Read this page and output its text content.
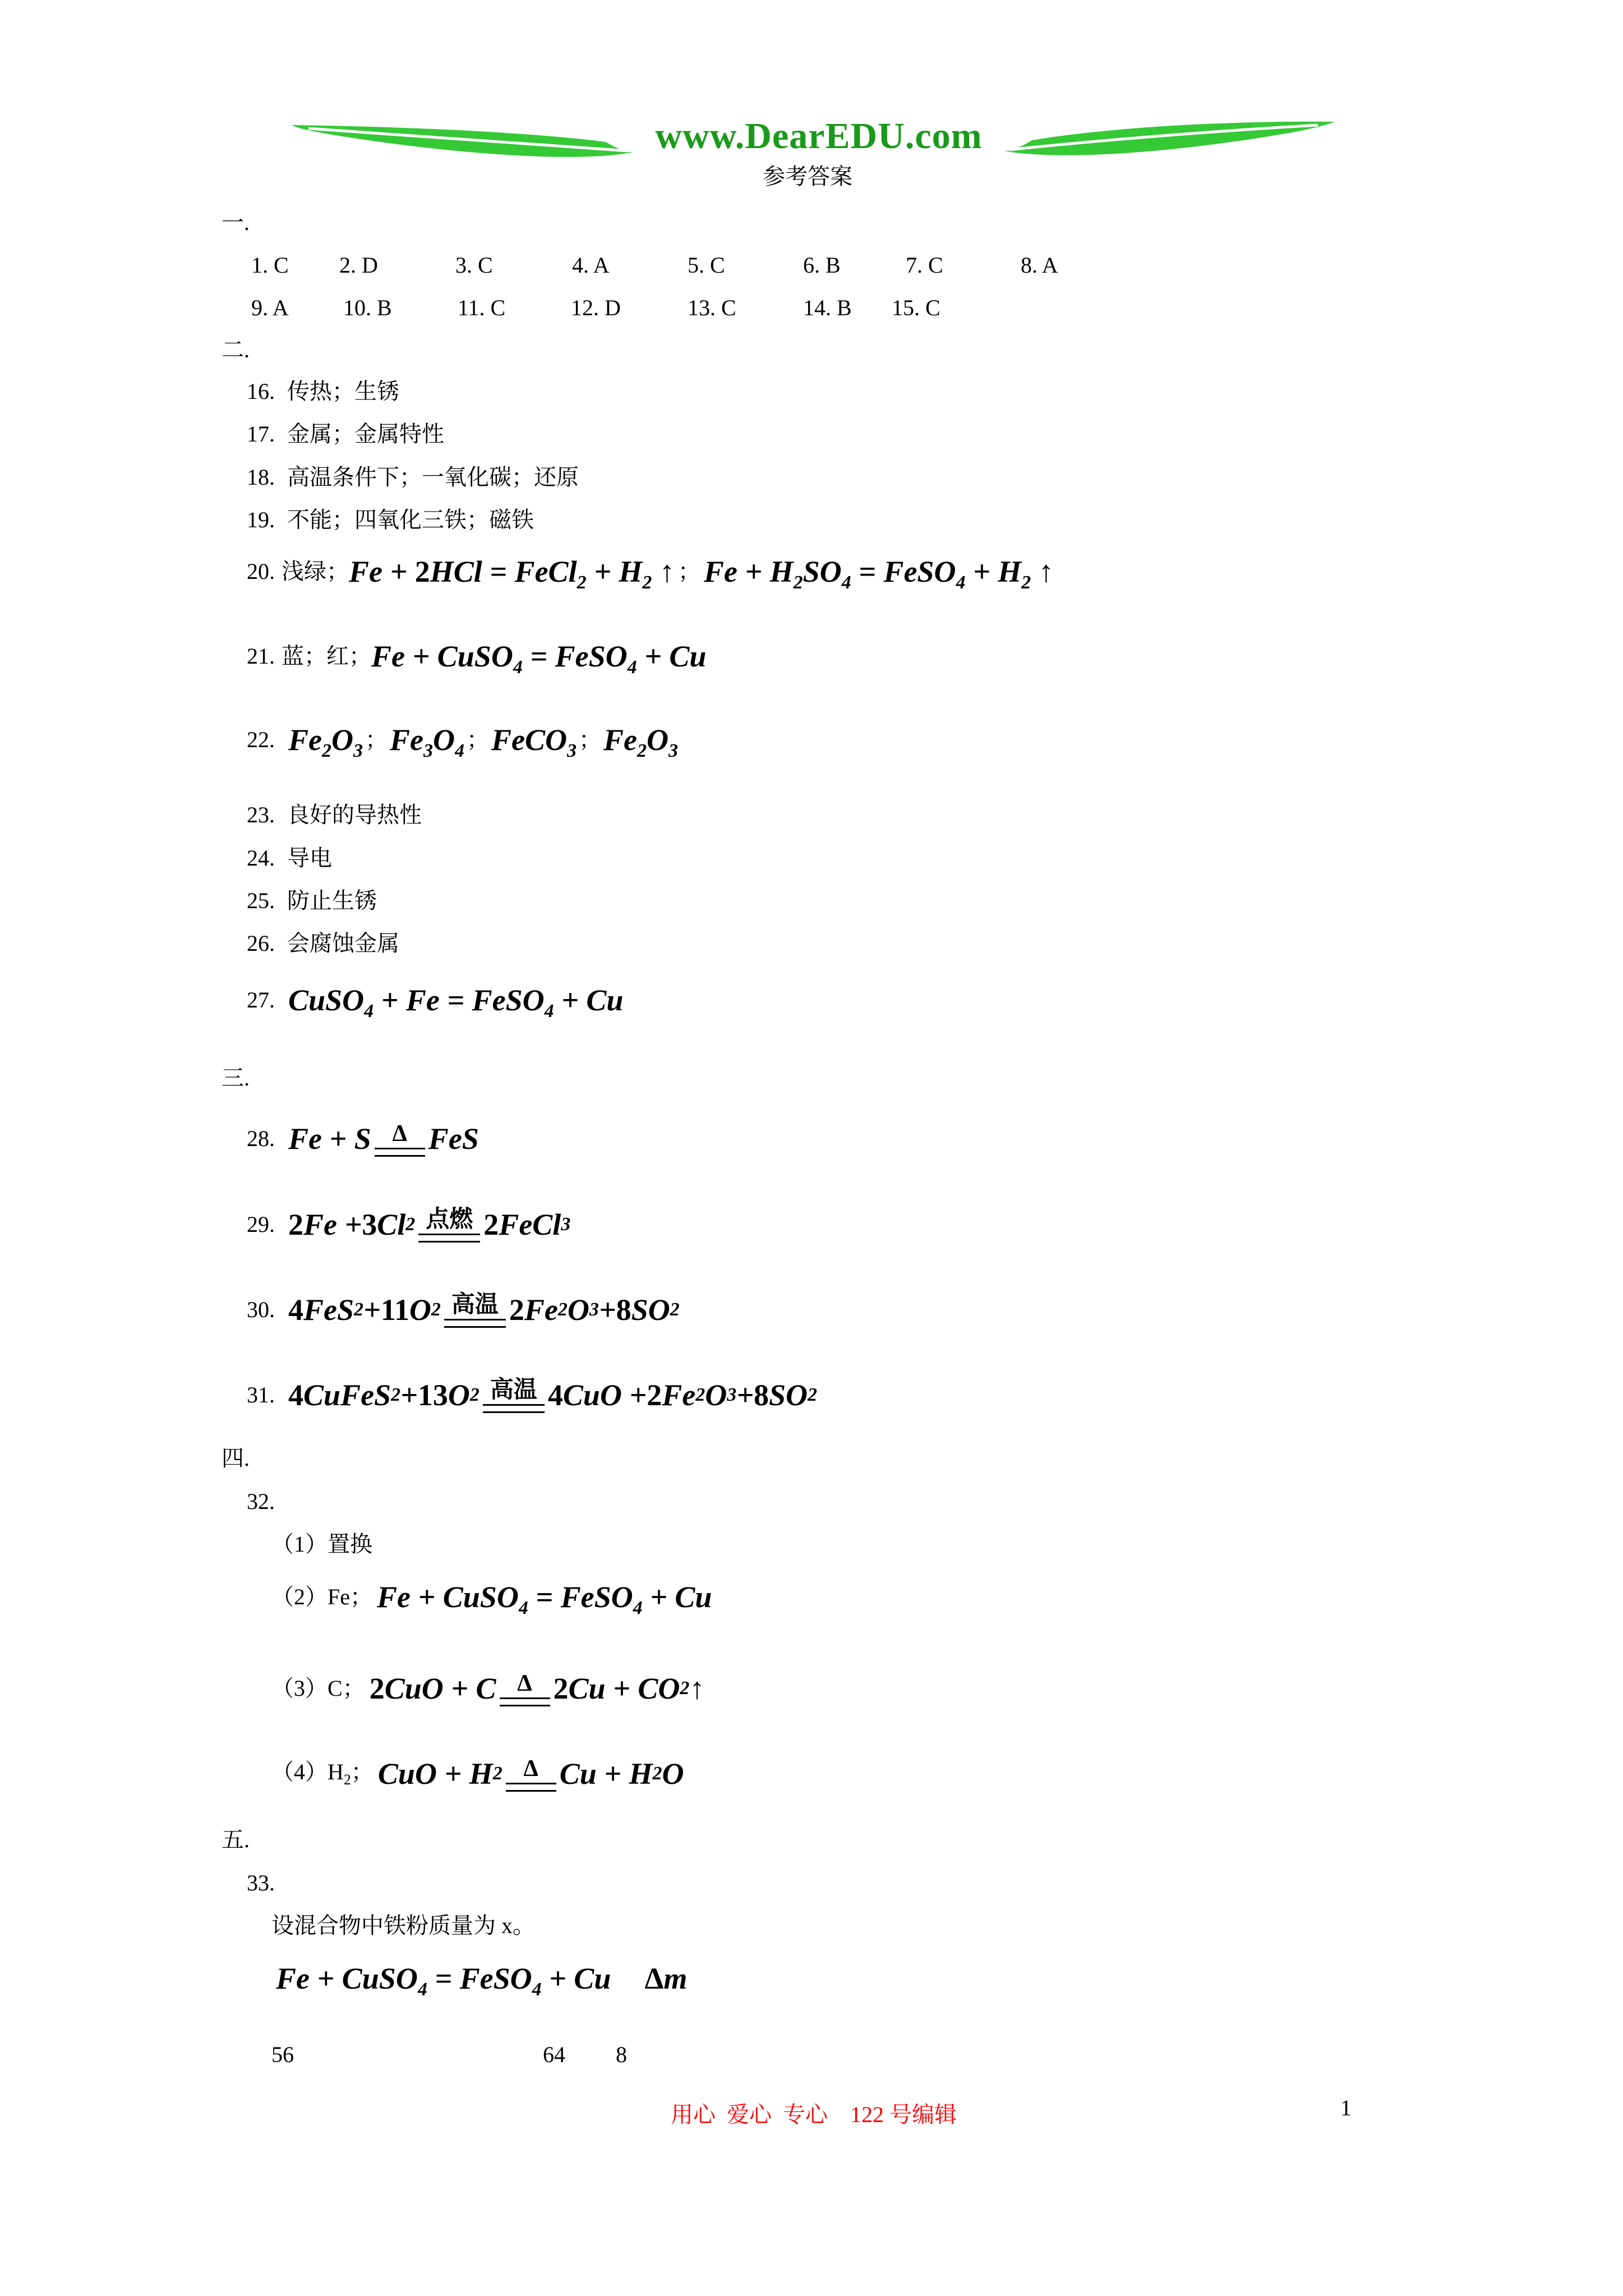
www.DearEDU.com
参考答案
一.
1. C 2. D	3. C	4. A	5. C	6. B	7. C	8. A
9. A 10. B	11. C	12. D	13. C	14. B 15. C
二.
16. 传热；生锈
17. 金属；金属特性
18. 高温条件下；一氧化碳；还原
19. 不能；四氧化三铁；磁铁
20. 浅绿； Fe + 2HCl = FeCl$_2$ + $H_2$ ↑ ； $Fe + H_2SO_4$ = FeSO$_4$ + $H_2$ ↑
21. 蓝；红； Fe + CuSO$_4$ = FeSO$_4$ + Cu
22. $Fe_2O_3$ ； $Fe_3O_4$ ； FeCO$_3$ ； $Fe_2O_3$
23. 良好的导热性
24. 导电
25. 防止生锈
26. 会腐蚀金属
27. CuSO$_4$ + Fe = FeSO$_4$ + Cu
三.
28. Fe + S Δ FeS
29. 2 Fe + 3 Cl 2 点燃 2 FeCl 3
30. 4 FeS 2 + 11 O 2 高温 2 Fe 2 O 3 + 8 SO 2
31. 4 CuFeS 2 + 13 O 2 高温 4 CuO + 2 Fe 2 O 3 + 8 SO 2
四.
32.
（1）置换
（2）Fe； Fe + CuSO$_4$ = FeSO$_4$ + Cu
（3）C； 2 CuO + C Δ 2 Cu + CO 2 ↑
$(4)H_2$； CuO + H 2 Δ Cu + H 2 O
五.
33.
设混合物中铁粉质量为 x。
Fe + CuSO$_4$ = FeSO$_4$ + Cu Δm
56	64 8
用心  爱心  专心    122 号编辑	1
